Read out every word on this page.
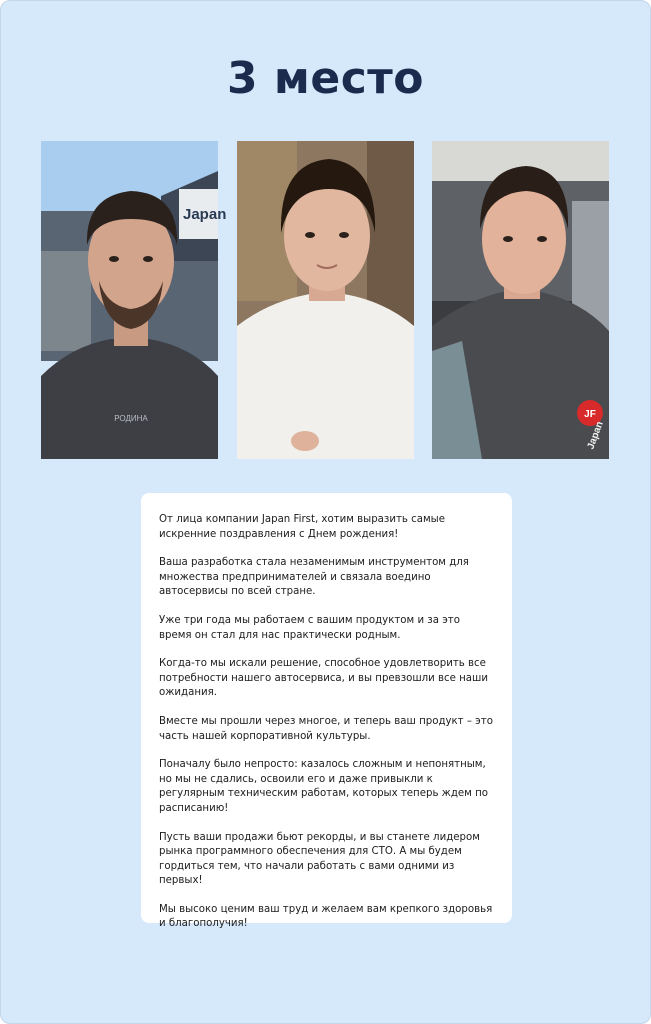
3 место
Japan
РОДИНА	JF
Japan

От лица компании Japan First, хотим выразить самые искренние поздравления с Днем рождения!

Ваша разработка стала незаменимым инструментом для множества предпринимателей и связала воедино автосервисы по всей стране.

Уже три года мы работаем с вашим продуктом и за это время он стал для нас практически родным.

Когда-то мы искали решение, способное удовлетворить все потребности нашего автосервиса, и вы превзошли все наши ожидания.

Вместе мы прошли через многое, и теперь ваш продукт – это часть нашей корпоративной культуры.

Поначалу было непросто: казалось сложным и непонятным, но мы не сдались, освоили его и даже привыкли к регулярным техническим работам, которых теперь ждем по расписанию!

Пусть ваши продажи бьют рекорды, и вы станете лидером рынка программного обеспечения для СТО. А мы будем гордиться тем, что начали работать с вами одними из первых!

Мы высоко ценим ваш труд и желаем вам крепкого здоровья и благополучия!
